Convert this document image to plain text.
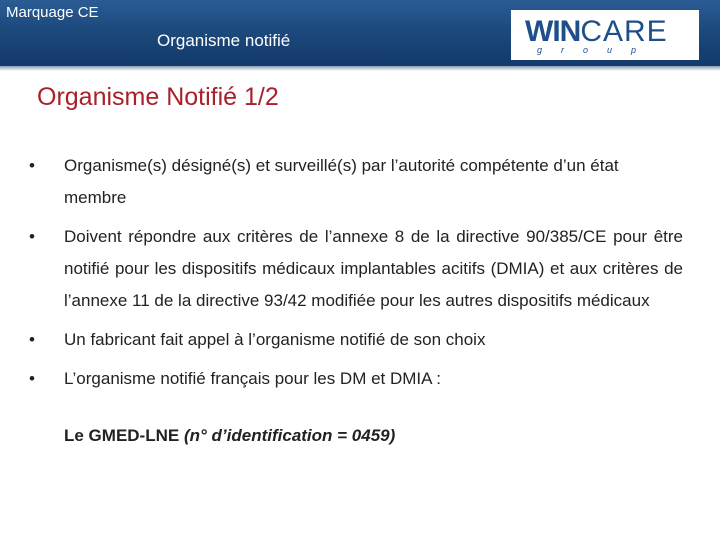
Marquage CE
Organisme notifié	WINCARE
group
Organisme Notifié 1/2
• Organisme(s) désigné(s) et surveillé(s) par l’autorité compétente d’un état membre
• Doivent répondre aux critères de l’annexe 8 de la directive 90/385/CE pour être notifié pour les dispositifs médicaux implantables acitifs (DMIA) et aux critères de l’annexe 11 de la directive 93/42 modifiée pour les autres dispositifs médicaux
• Un fabricant fait appel à l’organisme notifié de son choix
• L’organisme notifié français pour les DM et DMIA :
Le GMED-LNE (n° d’identification = 0459)
